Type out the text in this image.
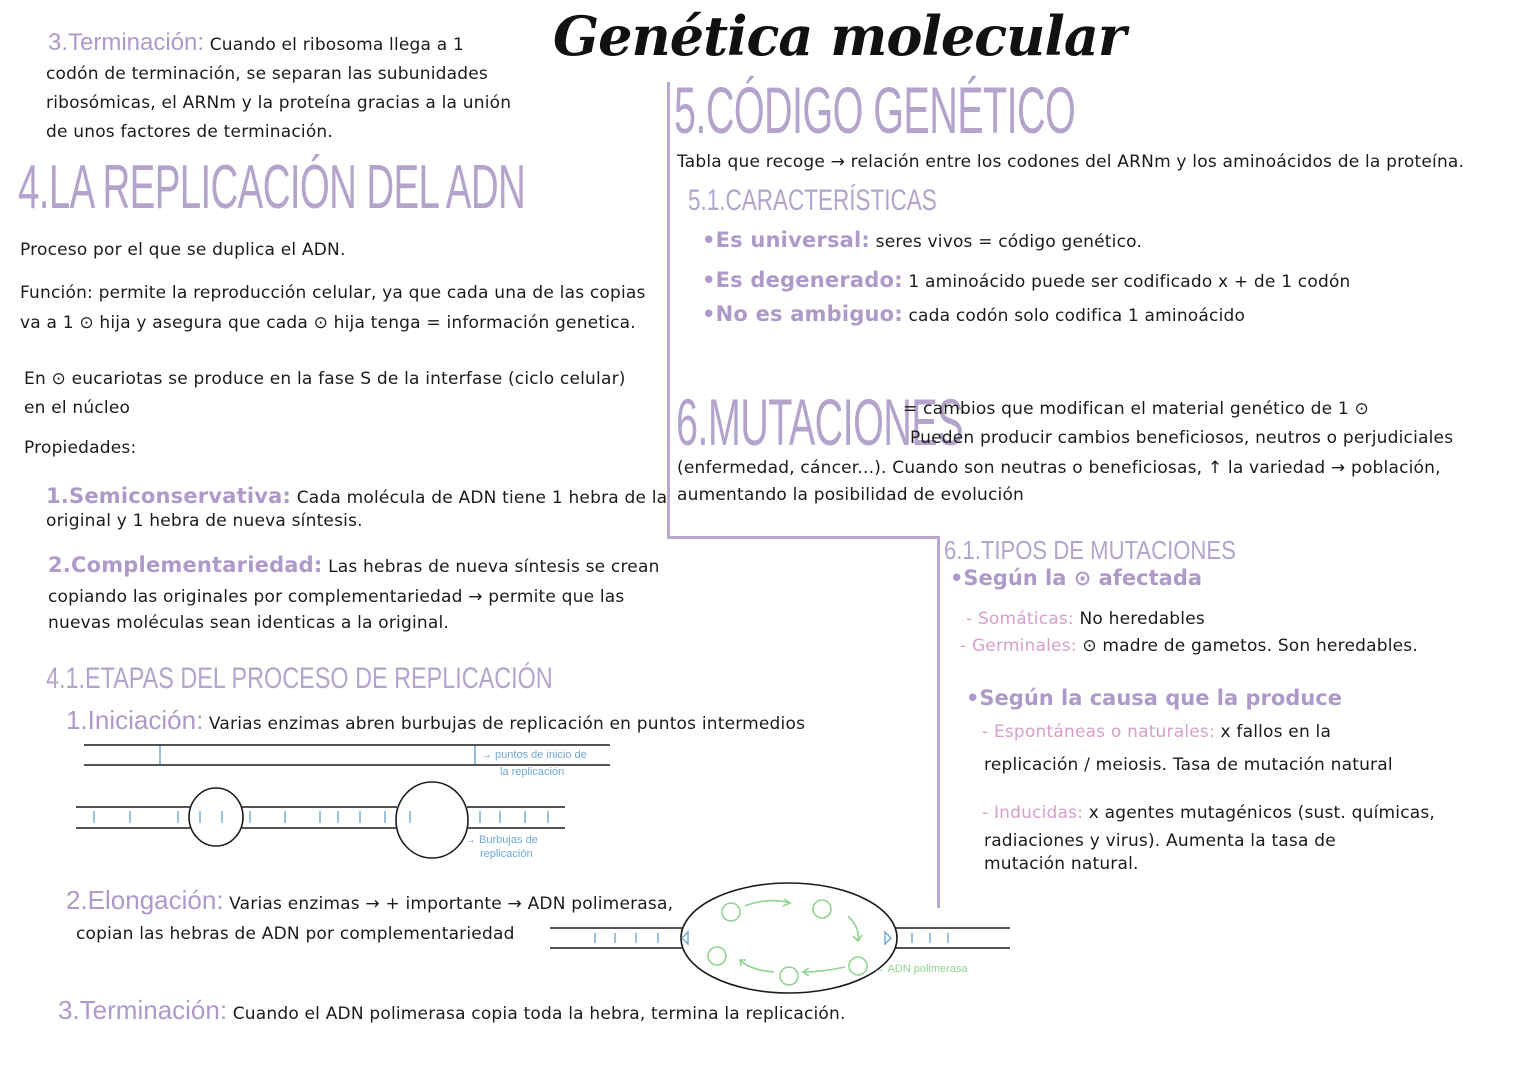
Genética molecular
3.Terminación: Cuando el ribosoma llega a 1
codón de terminación, se separan las subunidades
ribosómicas, el ARNm y la proteína gracias a la unión
de unos factores de terminación.
4.LA REPLICACIÓN DEL ADN
Proceso por el que se duplica el ADN.
Función: permite la reproducción celular, ya que cada una de las copias
va a 1 ⊙ hija y asegura que cada ⊙ hija tenga = información genetica.
En ⊙ eucariotas se produce en la fase S de la interfase (ciclo celular)
en el núcleo
Propiedades:
1.Semiconservativa: Cada molécula de ADN tiene 1 hebra de la
original y 1 hebra de nueva síntesis.
2.Complementariedad: Las hebras de nueva síntesis se crean
copiando las originales por complementariedad → permite que las
nuevas moléculas sean identicas a la original.
4.1.ETAPAS DEL PROCESO DE REPLICACIÓN
1.Iniciación: Varias enzimas abren burbujas de replicación en puntos intermedios
→ puntos de inicio de
la replicación
→ Burbujas de
replicación
→ ADN polimerasa
2.Elongación: Varias enzimas → + importante → ADN polimerasa,
copian las hebras de ADN por complementariedad
3.Terminación: Cuando el ADN polimerasa copia toda la hebra, termina la replicación.
5.CÓDIGO GENÉTICO
Tabla que recoge → relación entre los codones del ARNm y los aminoácidos de la proteína.
5.1.CARACTERÍSTICAS
•Es universal: seres vivos = código genético.
•Es degenerado: 1 aminoácido puede ser codificado x + de 1 codón
•No es ambiguo: cada codón solo codifica 1 aminoácido
6.MUTACIONES
= cambios que modifican el material genético de 1 ⊙
Pueden producir cambios beneficiosos, neutros o perjudiciales
(enfermedad, cáncer...). Cuando son neutras o beneficiosas, ↑ la variedad → población,
aumentando la posibilidad de evolución
6.1.TIPOS DE MUTACIONES
•Según la ⊙ afectada
- Somáticas: No heredables
- Germinales: ⊙ madre de gametos. Son heredables.
•Según la causa que la produce
- Espontáneas o naturales: x fallos en la
replicación / meiosis. Tasa de mutación natural
- Inducidas: x agentes mutagénicos (sust. químicas,
radiaciones y virus). Aumenta la tasa de
mutación natural.
